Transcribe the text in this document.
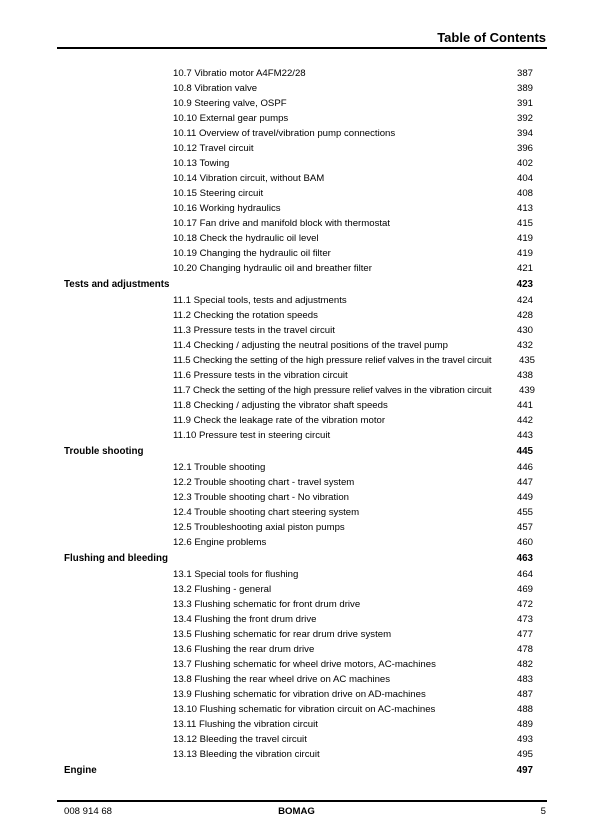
Table of Contents
10.7 Vibratio motor A4FM22/28	387
10.8 Vibration valve	389
10.9 Steering valve, OSPF	391
10.10 External gear pumps	392
10.11 Overview of travel/vibration pump connections	394
10.12 Travel circuit	396
10.13 Towing	402
10.14 Vibration circuit, without BAM	404
10.15 Steering circuit	408
10.16 Working hydraulics	413
10.17 Fan drive and manifold block with thermostat	415
10.18 Check the hydraulic oil level	419
10.19 Changing the hydraulic oil filter	419
10.20 Changing hydraulic oil and breather filter	421
Tests and adjustments	423
11.1 Special tools, tests and adjustments	424
11.2 Checking the rotation speeds	428
11.3 Pressure tests in the travel circuit	430
11.4 Checking / adjusting the neutral positions of the travel pump	432
11.5 Checking the setting of the high pressure relief valves in the travel circuit	435
11.6 Pressure tests in the vibration circuit	438
11.7 Check the setting of the high pressure relief valves in the vibration circuit	439
11.8 Checking / adjusting the vibrator shaft speeds	441
11.9 Check the leakage rate of the vibration motor	442
11.10 Pressure test in steering circuit	443
Trouble shooting	445
12.1 Trouble shooting	446
12.2 Trouble shooting chart - travel system	447
12.3 Trouble shooting chart - No vibration	449
12.4 Trouble shooting chart steering system	455
12.5 Troubleshooting axial piston pumps	457
12.6 Engine problems	460
Flushing and bleeding	463
13.1 Special tools for flushing	464
13.2 Flushing - general	469
13.3 Flushing schematic for front drum drive	472
13.4 Flushing the front drum drive	473
13.5 Flushing schematic for rear drum drive system	477
13.6 Flushing the rear drum drive	478
13.7 Flushing schematic for wheel drive motors, AC-machines	482
13.8 Flushing the rear wheel drive on AC machines	483
13.9 Flushing schematic for vibration drive on AD-machines	487
13.10 Flushing schematic for vibration circuit on AC-machines	488
13.11 Flushing the vibration circuit	489
13.12 Bleeding the travel circuit	493
13.13 Bleeding the vibration circuit	495
Engine	497
008 914 68	BOMAG	5
